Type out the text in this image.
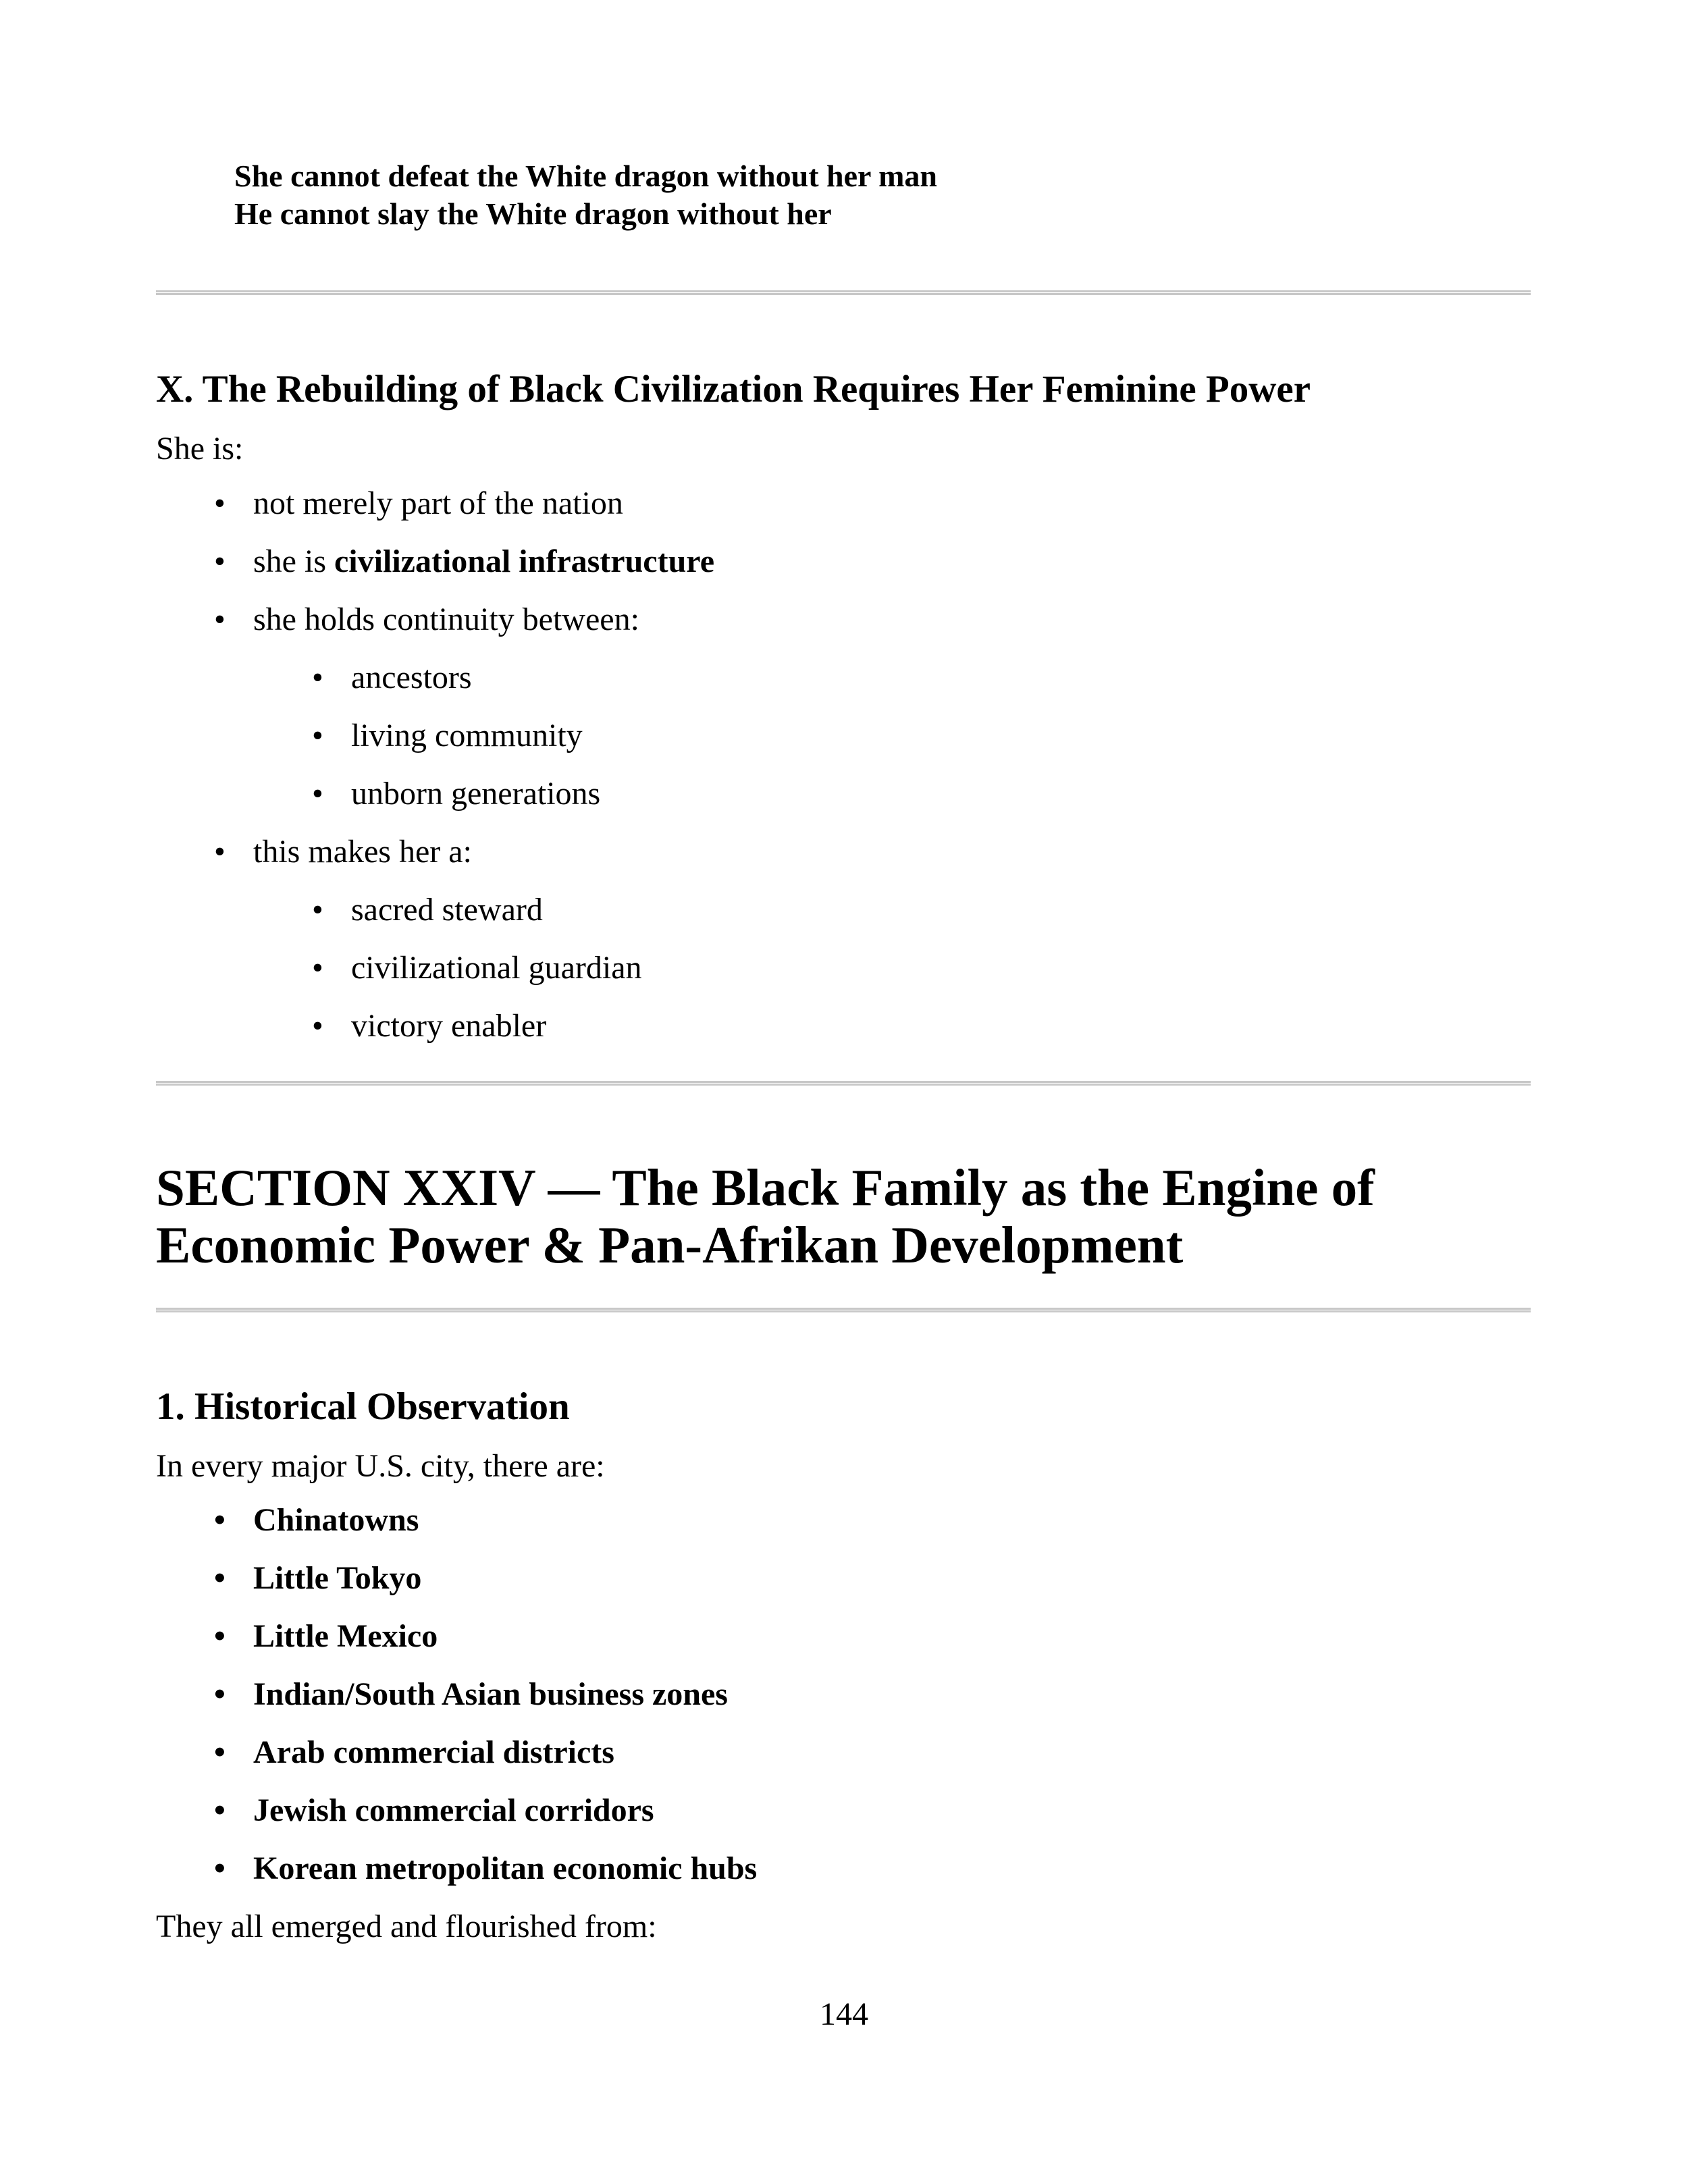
She cannot defeat the White dragon without her man
He cannot slay the White dragon without her
X. The Rebuilding of Black Civilization Requires Her Feminine Power
She is:
• not merely part of the nation
• she is civilizational infrastructure
• she holds continuity between:
• ancestors
• living community
• unborn generations
• this makes her a:
• sacred steward
• civilizational guardian
• victory enabler
SECTION XXIV — The Black Family as the Engine of
Economic Power & Pan-Afrikan Development
1. Historical Observation
In every major U.S. city, there are:
• Chinatowns
• Little Tokyo
• Little Mexico
• Indian/South Asian business zones
• Arab commercial districts
• Jewish commercial corridors
• Korean metropolitan economic hubs
They all emerged and flourished from:
144
